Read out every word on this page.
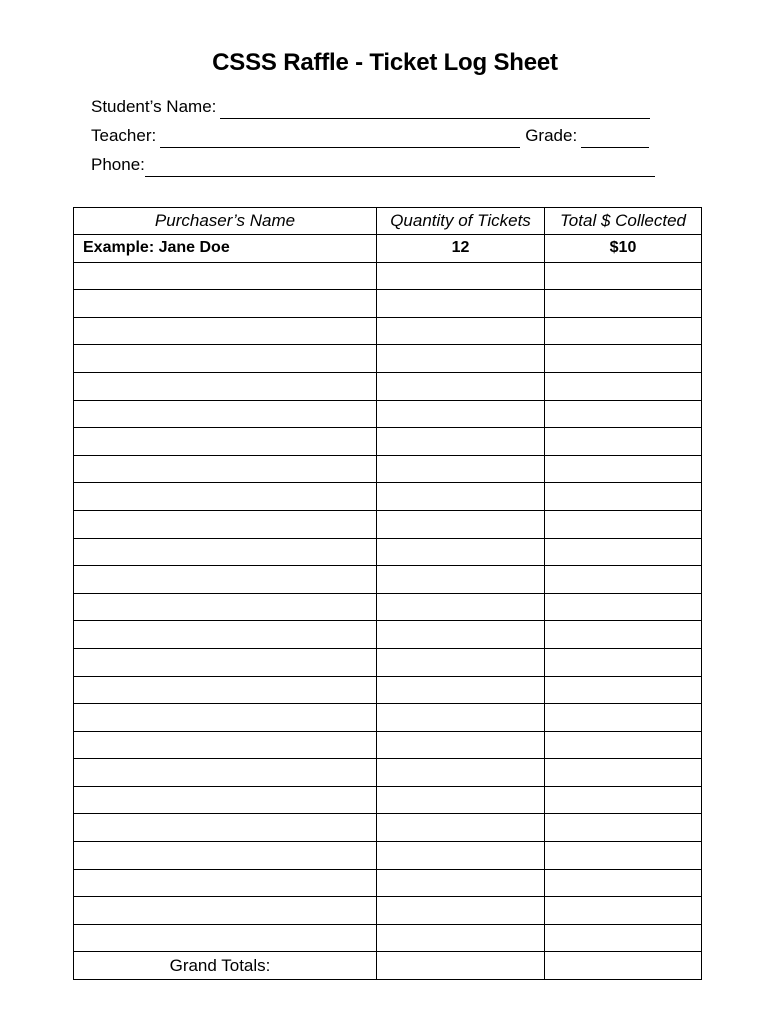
CSSS Raffle - Ticket Log Sheet
Student’s Name:
Teacher:	Grade:
Phone:
Purchaser’s Name	Quantity of Tickets	Total $ Collected
Example: Jane Doe	12	$10

Grand Totals:		
